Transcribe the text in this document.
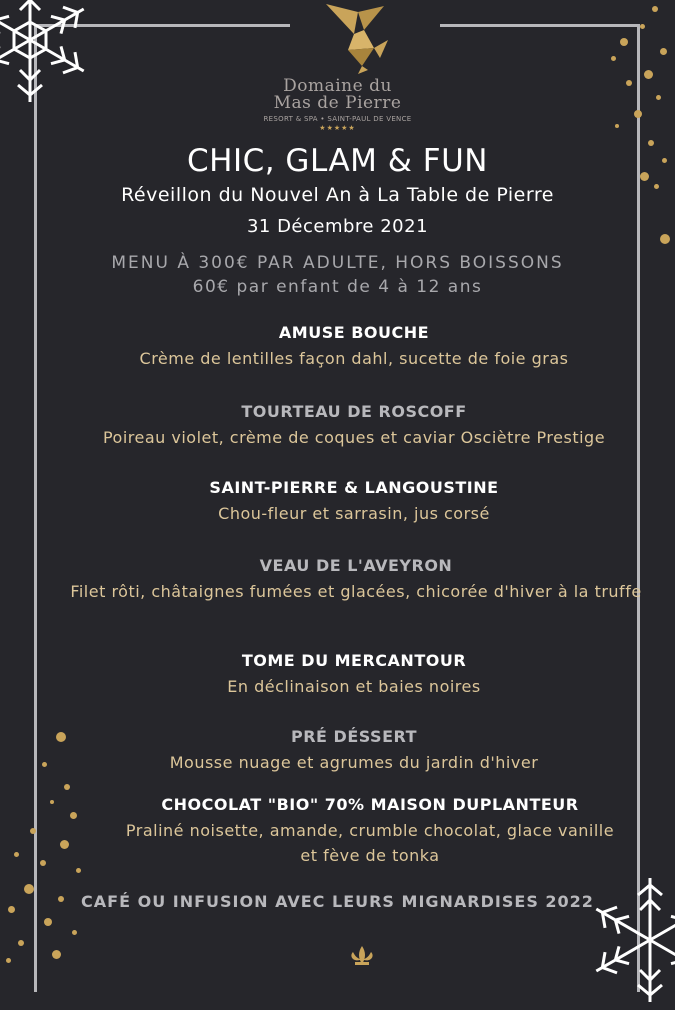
Domaine du
Mas de Pierre
RESORT & SPA • SAINT-PAUL DE VENCE
★★★★★
CHIC, GLAM & FUN
Réveillon du Nouvel An à La Table de Pierre
31 Décembre 2021
MENU À 300€ PAR ADULTE, HORS BOISSONS
60€ par enfant de 4 à 12 ans
AMUSE BOUCHE
Crème de lentilles façon dahl, sucette de foie gras
TOURTEAU DE ROSCOFF
Poireau violet, crème de coques et caviar Osciètre Prestige
SAINT-PIERRE & LANGOUSTINE
Chou-fleur et sarrasin, jus corsé
VEAU DE L'AVEYRON
Filet rôti, châtaignes fumées et glacées, chicorée d'hiver à la truffe
TOME DU MERCANTOUR
En déclinaison et baies noires
PRÉ DÉSSERT
Mousse nuage et agrumes du jardin d'hiver
CHOCOLAT "BIO" 70% MAISON DUPLANTEUR
Praliné noisette, amande, crumble chocolat, glace vanille et fève de tonka
CAFÉ OU INFUSION AVEC LEURS MIGNARDISES 2022
